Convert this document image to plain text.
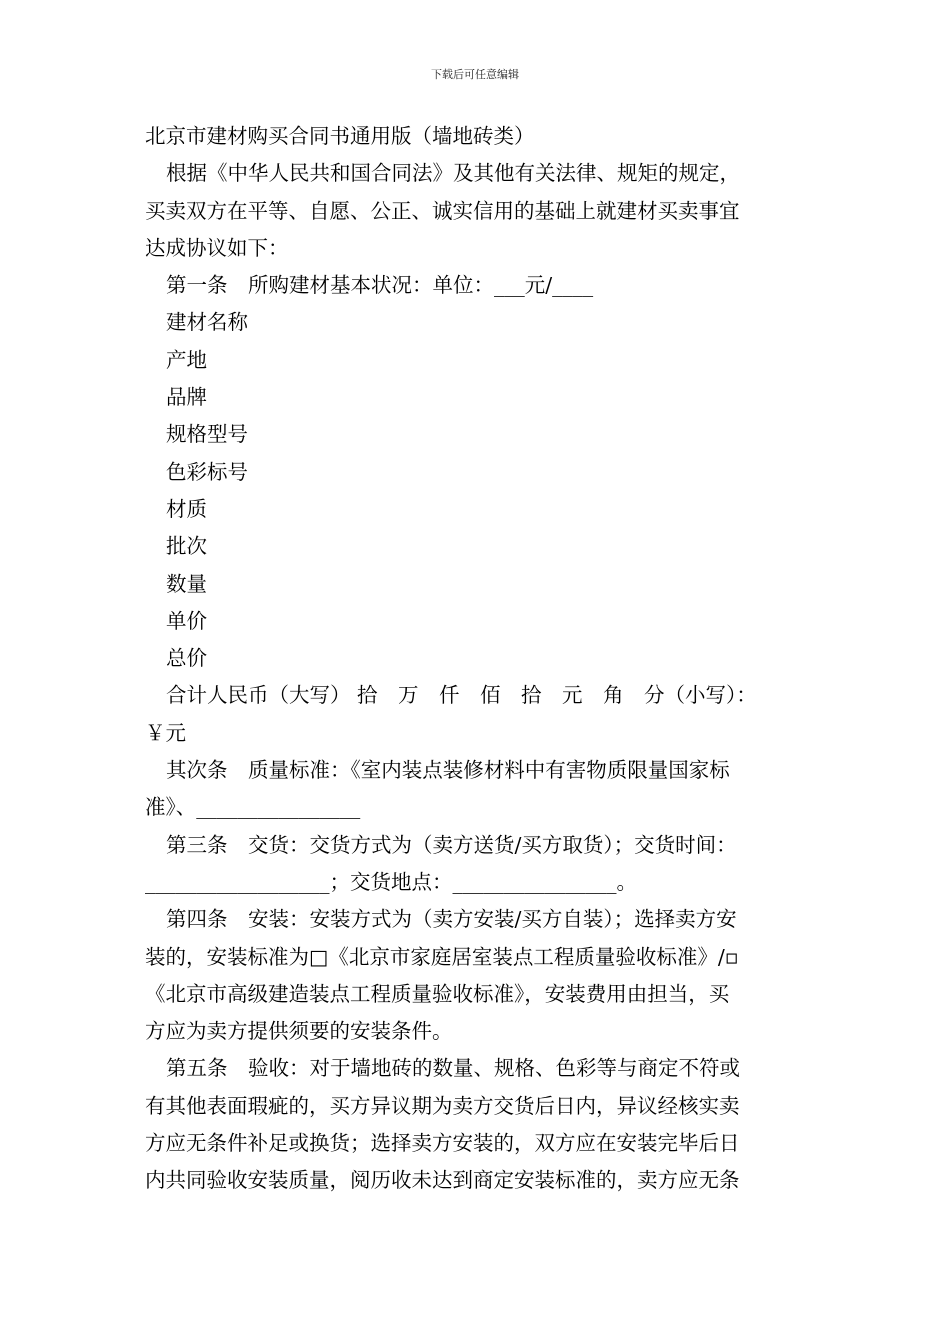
下载后可任意编辑
北京市建材购买合同书通用版（墙地砖类）
根据《中华人民共和国合同法》及其他有关法律、规矩的规定，
买卖双方在平等、自愿、公正、诚实信用的基础上就建材买卖事宜
达成协议如下：
第一条　所购建材基本状况：单位：___元/____
建材名称
产地
品牌
规格型号
色彩标号
材质
批次
数量
单价
总价
合计人民币（大写） 拾　万　仟　佰　拾　元　角　分（小写）：
￥元
其次条　质量标准：《室内装点装修材料中有害物质限量国家标
准》、________________
第三条　交货：交货方式为（卖方送货/买方取货）；交货时间：
__________________；交货地点：________________。
第四条　安装：安装方式为（卖方安装/买方自装）；选择卖方安
装的，安装标准为□《北京市家庭居室装点工程质量验收标准》/▫
《北京市高级建造装点工程质量验收标准》，安装费用由担当，买
方应为卖方提供须要的安装条件。
第五条　验收：对于墙地砖的数量、规格、色彩等与商定不符或
有其他表面瑕疵的，买方异议期为卖方交货后日内，异议经核实卖
方应无条件补足或换货；选择卖方安装的，双方应在安装完毕后日
内共同验收安装质量，阅历收未达到商定安装标准的，卖方应无条
